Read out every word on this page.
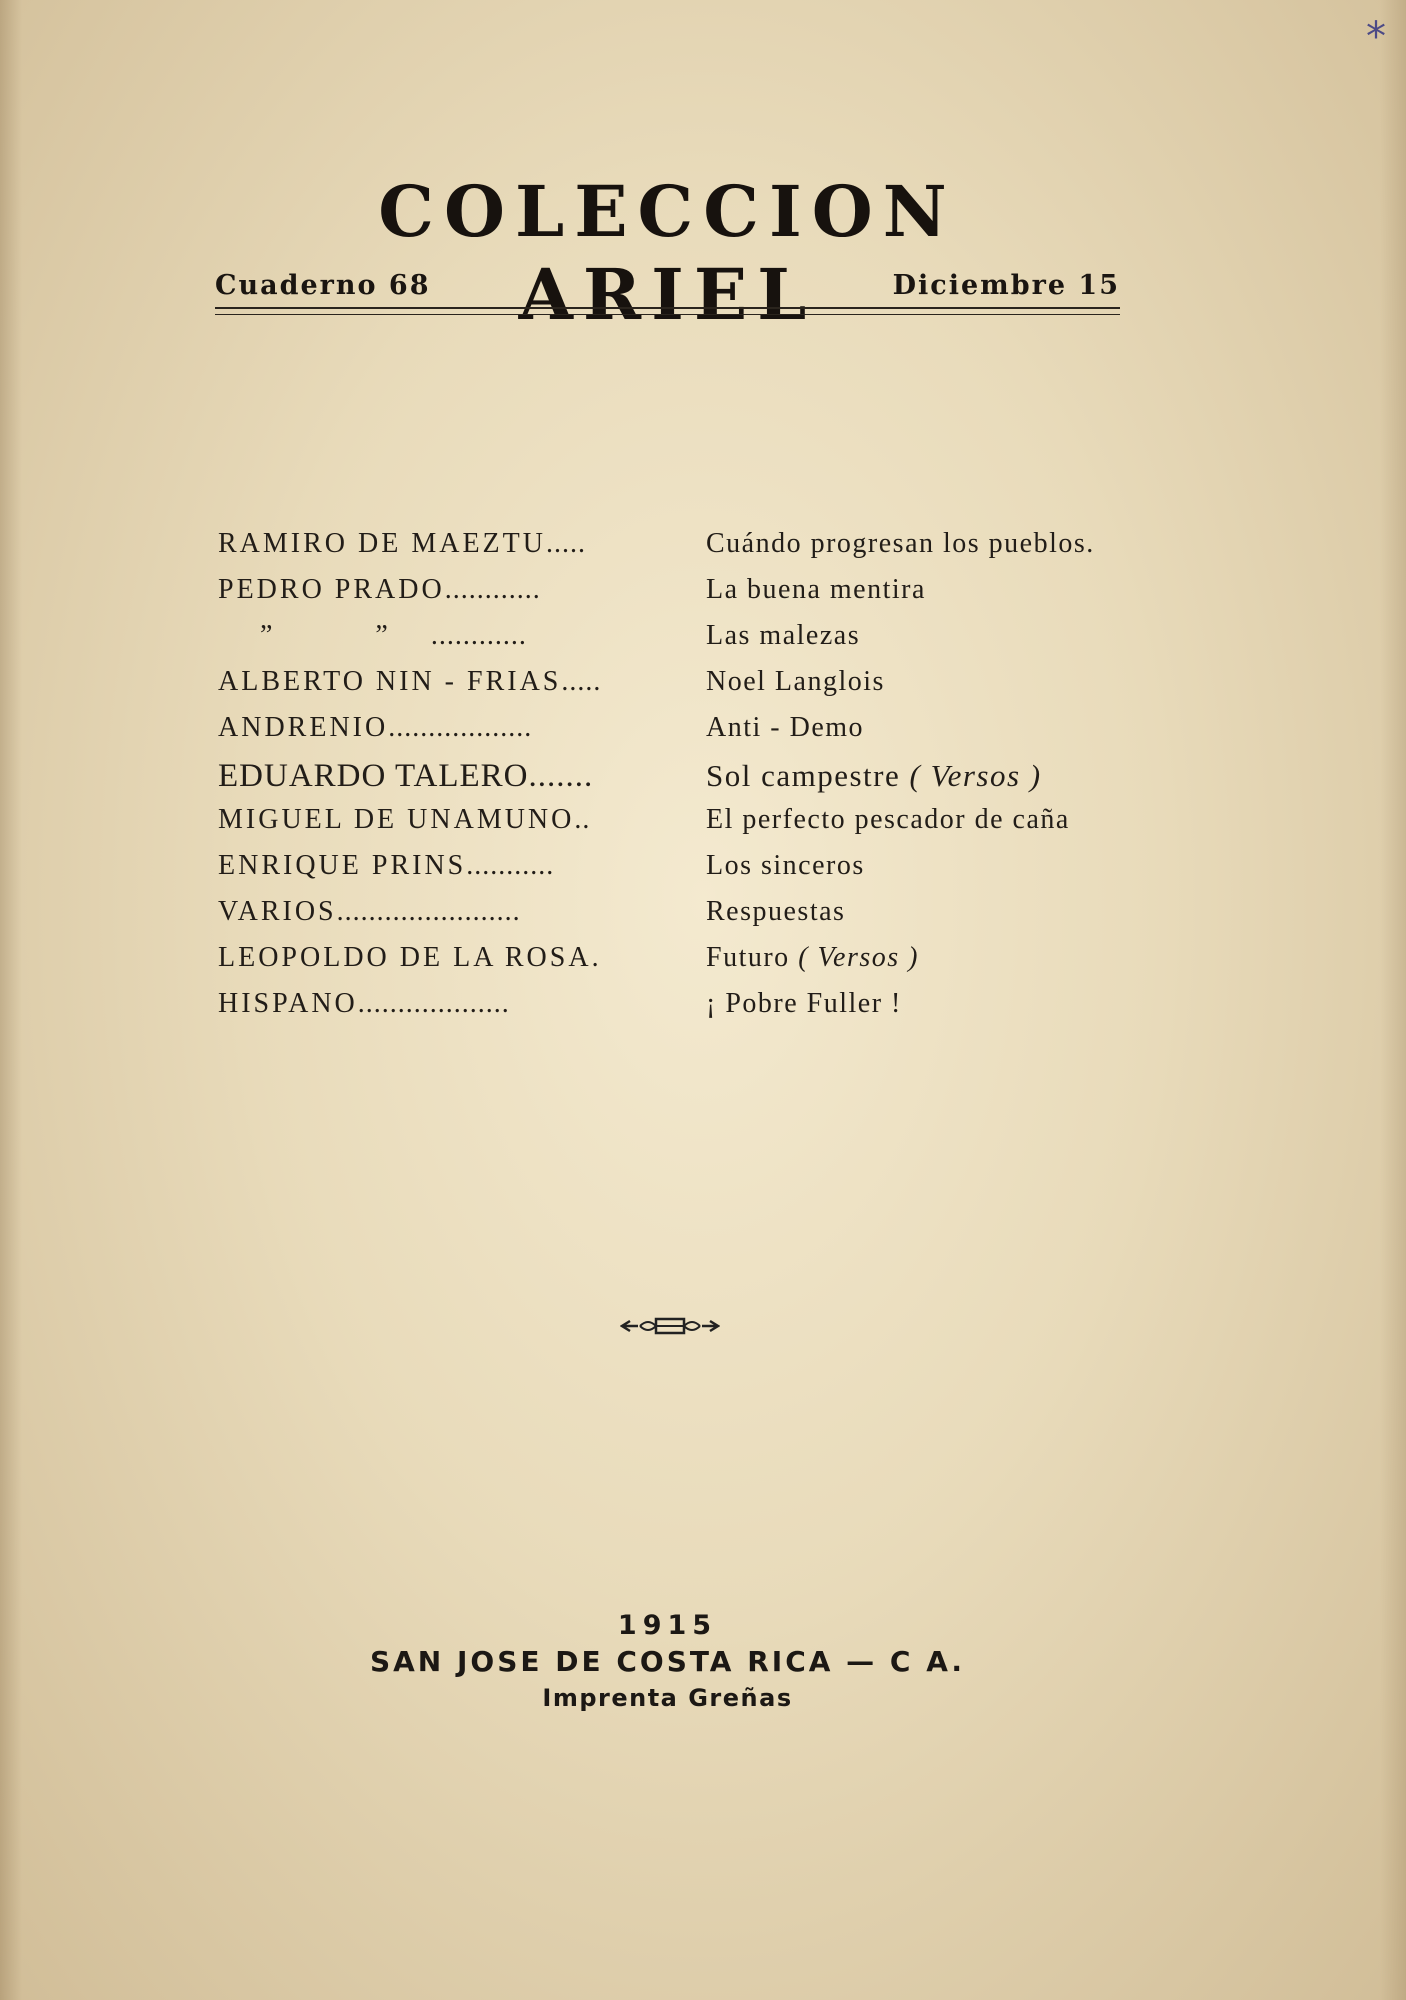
*
COLECCION ARIEL
Cuaderno 68	Diciembre 15
RAMIRO DE MAEZTU.....	Cuándo progresan los pueblos.
PEDRO PRADO............	La buena mentira
”          ” ............	Las malezas
ALBERTO NIN - FRIAS.....	Noel Langlois
ANDRENIO..................	Anti - Demo
EDUARDO TALERO.......	Sol campestre ( Versos )
MIGUEL DE UNAMUNO..	El perfecto pescador de caña
ENRIQUE PRINS...........	Los sinceros
VARIOS.......................	Respuestas
LEOPOLDO DE LA ROSA.	Futuro ( Versos )
HISPANO...................	¡ Pobre Fuller !
1915
SAN JOSE DE COSTA RICA — C A.
Imprenta Greñas
